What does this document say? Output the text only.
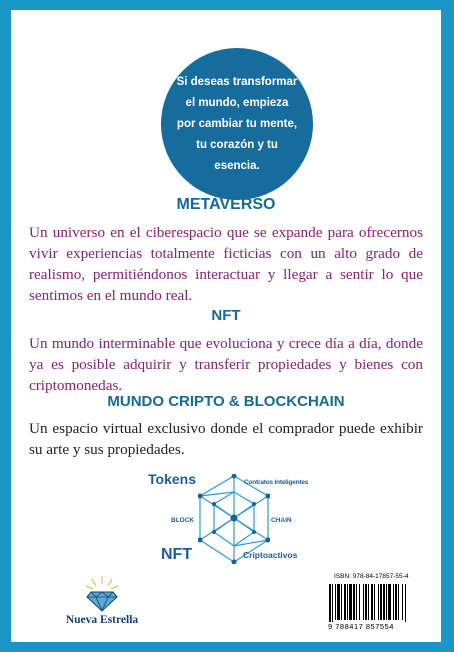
Si deseas transformar el mundo, empieza por cambiar tu mente, tu corazón y tu esencia.

METAVERSO

Un universo en el ciberespacio que se expande para ofrecernos vivir experiencias totalmente ficticias con un alto grado de realismo, permitiéndonos interactuar y llegar a sentir lo que sentimos en el mundo real.

NFT

Un mundo interminable que evoluciona y crece día a día, donde ya es posible adquirir y transferir propiedades y bienes con criptomonedas.

MUNDO CRIPTO & BLOCKCHAIN

Un espacio virtual exclusivo donde el comprador puede exhibir su arte y sus propiedades.

Tokens	Contratos Inteligentes
BLOCK	CHAIN
NFT	Criptoactivos
Nueva Estrella
ISBN: 978-84-17857-55-4
9 788417 857554
